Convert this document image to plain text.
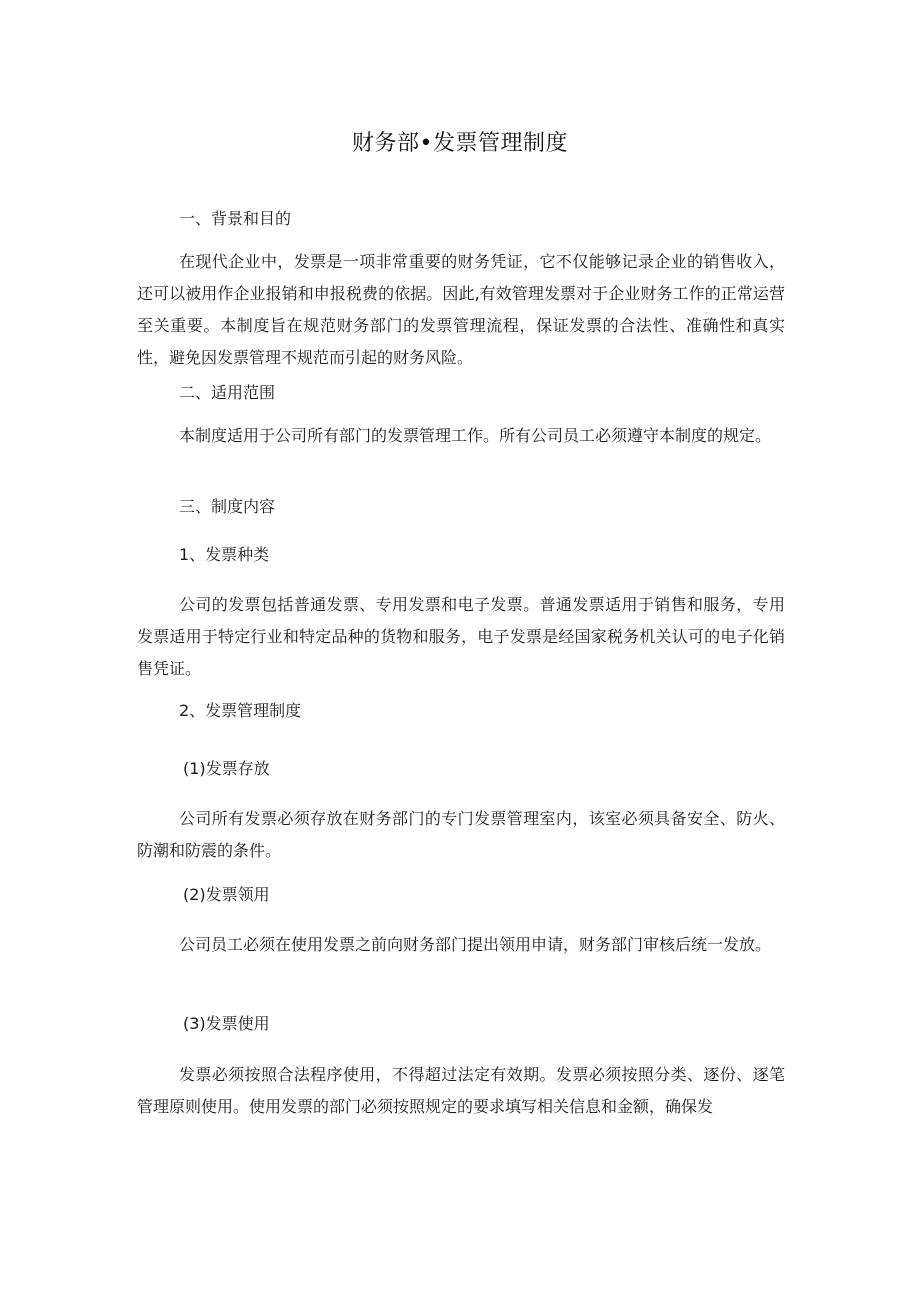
财务部•发票管理制度
一、背景和目的

在现代企业中，发票是一项非常重要的财务凭证，它不仅能够记录企业的销售收入，还可以被用作企业报销和申报税费的依据。因此,有效管理发票对于企业财务工作的正常运营至关重要。本制度旨在规范财务部门的发票管理流程，保证发票的合法性、准确性和真实性，避免因发票管理不规范而引起的财务风险。

二、适用范围

本制度适用于公司所有部门的发票管理工作。所有公司员工必须遵守本制度的规定。

三、制度内容
1、发票种类

公司的发票包括普通发票、专用发票和电子发票。普通发票适用于销售和服务，专用发票适用于特定行业和特定品种的货物和服务，电子发票是经国家税务机关认可的电子化销售凭证。

2、发票管理制度
(1)发票存放

公司所有发票必须存放在财务部门的专门发票管理室内，该室必须具备安全、防火、防潮和防震的条件。

(2)发票领用

公司员工必须在使用发票之前向财务部门提出领用申请，财务部门审核后统一发放。

(3)发票使用

发票必须按照合法程序使用，不得超过法定有效期。发票必须按照分类、逐份、逐笔管理原则使用。使用发票的部门必须按照规定的要求填写相关信息和金额，确保发
